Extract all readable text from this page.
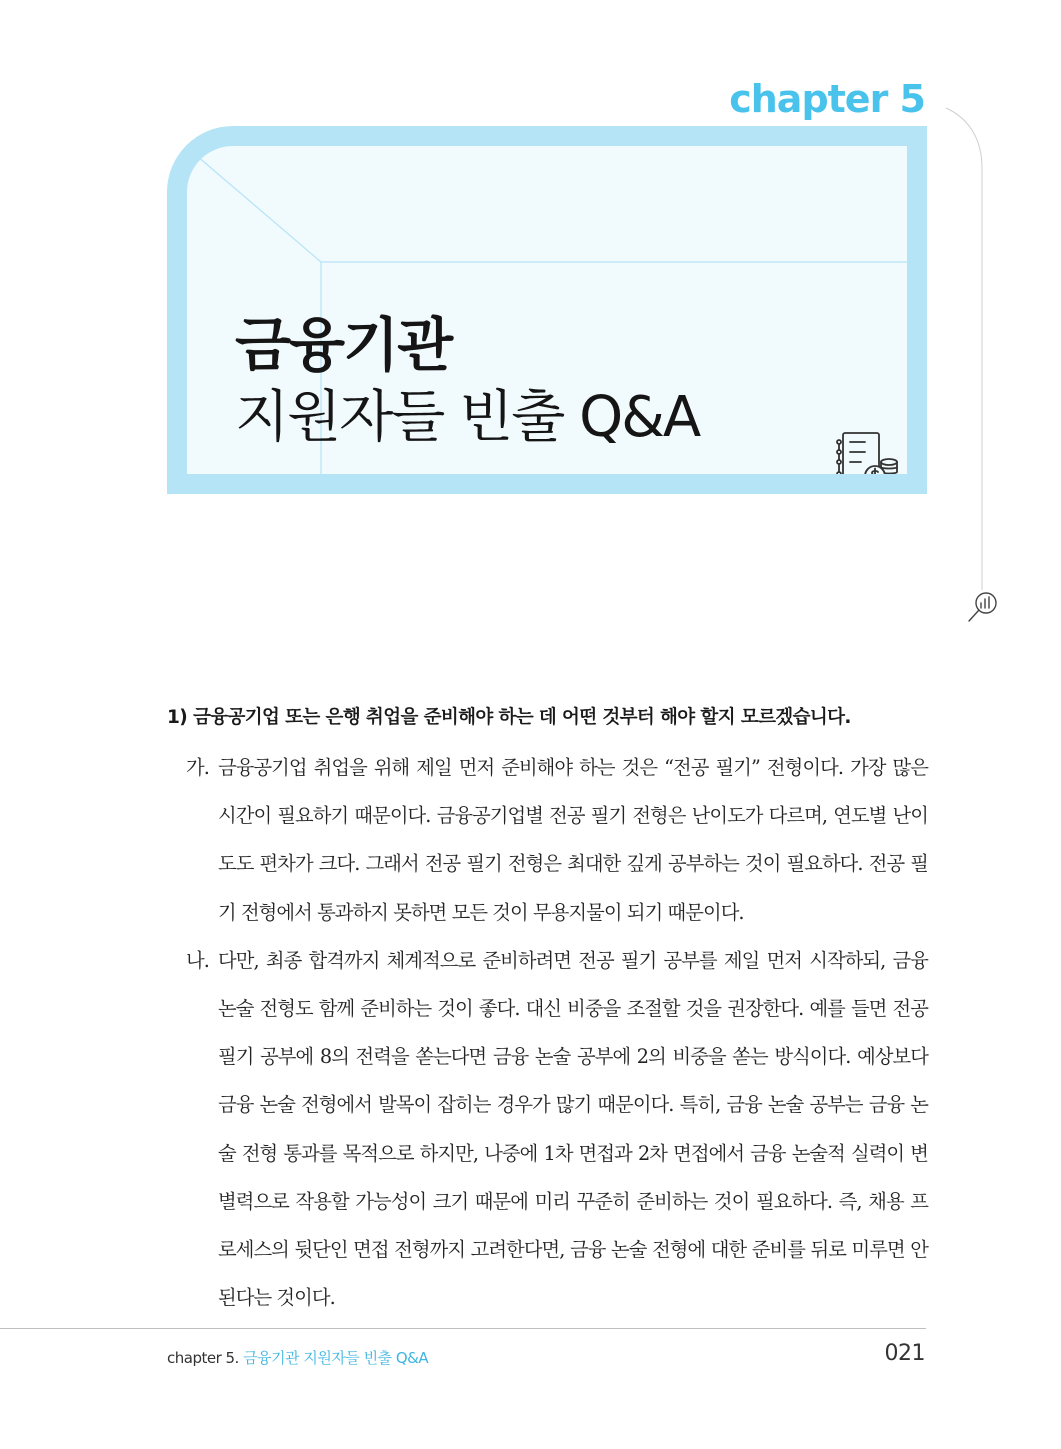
chapter 5
금융기관
지원자들 빈출 Q&A
1) 금융공기업 또는 은행 취업을 준비해야 하는 데 어떤 것부터 해야 할지 모르겠습니다.
가. 금융공기업 취업을 위해 제일 먼저 준비해야 하는 것은 “전공 필기” 전형이다. 가장 많은 시간이 필요하기 때문이다. 금융공기업별 전공 필기 전형은 난이도가 다르며, 연도별 난이도도 편차가 크다. 그래서 전공 필기 전형은 최대한 깊게 공부하는 것이 필요하다. 전공 필기 전형에서 통과하지 못하면 모든 것이 무용지물이 되기 때문이다.
나. 다만, 최종 합격까지 체계적으로 준비하려면 전공 필기 공부를 제일 먼저 시작하되, 금융 논술 전형도 함께 준비하는 것이 좋다. 대신 비중을 조절할 것을 권장한다. 예를 들면 전공 필기 공부에 8의 전력을 쏟는다면 금융 논술 공부에 2의 비중을 쏟는 방식이다. 예상보다 금융 논술 전형에서 발목이 잡히는 경우가 많기 때문이다. 특히, 금융 논술 공부는 금융 논술 전형 통과를 목적으로 하지만, 나중에 1차 면접과 2차 면접에서 금융 논술적 실력이 변별력으로 작용할 가능성이 크기 때문에 미리 꾸준히 준비하는 것이 필요하다. 즉, 채용 프로세스의 뒷단인 면접 전형까지 고려한다면, 금융 논술 전형에 대한 준비를 뒤로 미루면 안 된다는 것이다.
chapter 5. 금융기관 지원자들 빈출 Q&A	021
